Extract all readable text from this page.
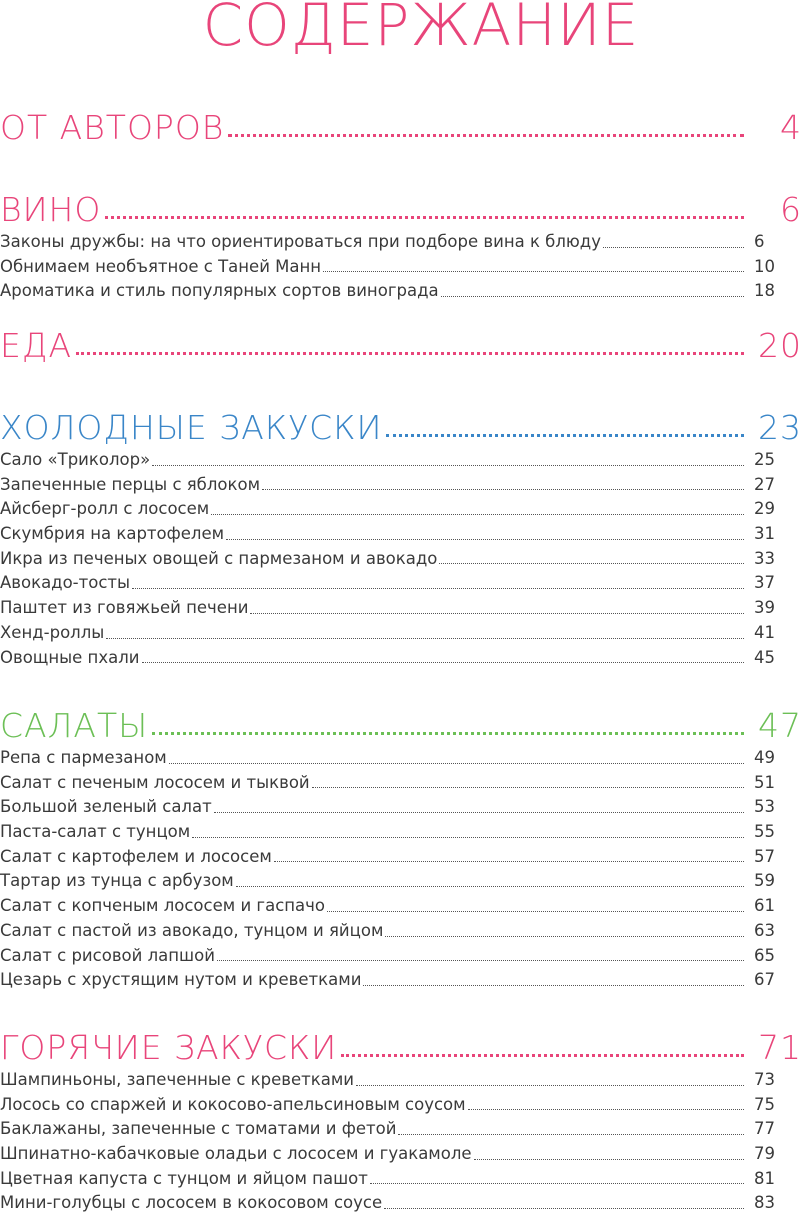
СОДЕРЖАНИЕ
ОТ АВТОРОВ	4
ВИНО	6
Законы дружбы: на что ориентироваться при подборе вина к блюду	6
Обнимаем необъятное с Таней Манн	10
Ароматика и стиль популярных сортов винограда	18
ЕДА	20
ХОЛОДНЫЕ ЗАКУСКИ	23
Сало «Триколор»	25
Запеченные перцы с яблоком	27
Айсберг-ролл с лососем	29
Скумбрия на картофелем	31
Икра из печеных овощей с пармезаном и авокадо	33
Авокадо-тосты	37
Паштет из говяжьей печени	39
Хенд-роллы	41
Овощные пхали	45
САЛАТЫ	47
Репа с пармезаном	49
Салат с печеным лососем и тыквой	51
Большой зеленый салат	53
Паста-салат с тунцом	55
Салат с картофелем и лососем	57
Тартар из тунца с арбузом	59
Салат с копченым лососем и гаспачо	61
Салат с пастой из авокадо, тунцом и яйцом	63
Салат с рисовой лапшой	65
Цезарь с хрустящим нутом и креветками	67
ГОРЯЧИЕ ЗАКУСКИ	71
Шампиньоны, запеченные с креветками	73
Лосось со спаржей и кокосово-апельсиновым соусом	75
Баклажаны, запеченные с томатами и фетой	77
Шпинатно-кабачковые оладьи с лососем и гуакамоле	79
Цветная капуста с тунцом и яйцом пашот	81
Мини-голубцы с лососем в кокосовом соусе	83
